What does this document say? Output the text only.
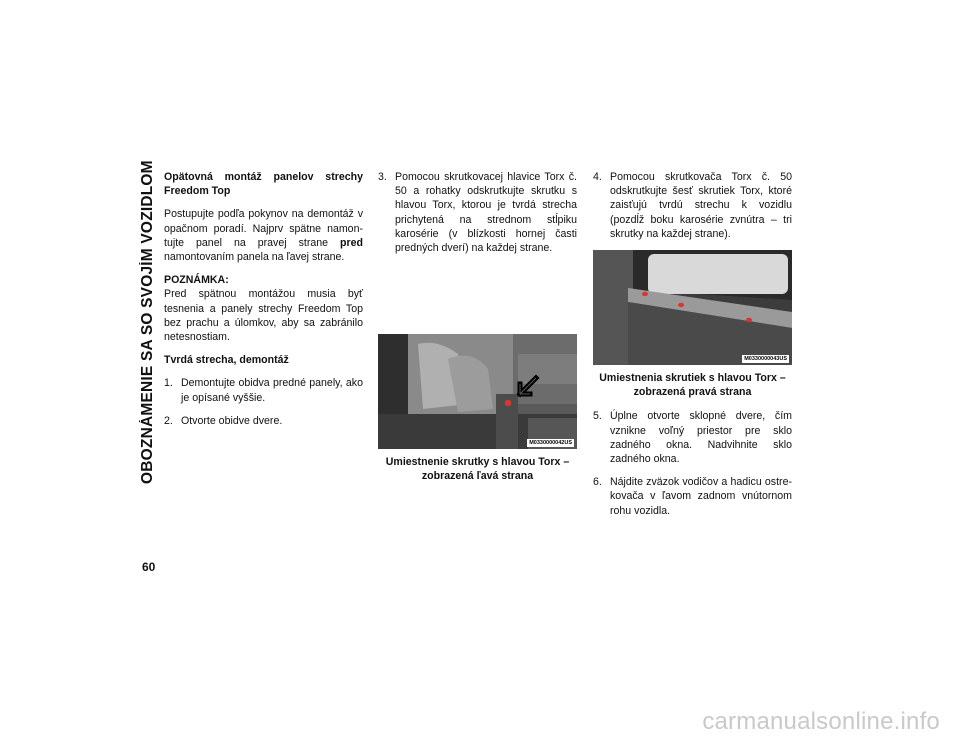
OBOZNÁMENIE SA SO SVOJÍM VOZIDLOM
60
Opätovná montáž panelov strechy Freedom Top

Postupujte podľa pokynov na demontáž v opačnom poradí. Najprv spätne namontujte panel na pravej strane pred namontovaním panela na ľavej strane.

POZNÁMKA:
Pred spätnou montážou musia byť tesnenia a panely strechy Freedom Top bez prachu a úlomkov, aby sa zabránilo netesnostiam.

Tvrdá strecha, demontáž
1. Demontujte obidva predné panely, ako je opísané vyššie.
2. Otvorte obidve dvere.
3. Pomocou skrutkovacej hlavice Torx č. 50 a rohatky odskrutkujte skrutku s hlavou Torx, ktorou je tvrdá strecha prichytená na strednom stĺpiku karosérie (v blízkosti hornej časti predných dverí) na každej strane.
M0330000042US
Umiestnenie skrutky s hlavou Torx – zobrazená ľavá strana
4. Pomocou skrutkovača Torx č. 50 odskrutkujte šesť skrutiek Torx, ktoré zaisťujú tvrdú strechu k vozidlu (pozdĺž boku karosérie zvnútra – tri skrutky na každej strane).
M0330000043US
Umiestnenia skrutiek s hlavou Torx – zobrazená pravá strana
5. Úplne otvorte sklopné dvere, čím vznikne voľný priestor pre sklo zadného okna. Nadvihnite sklo zadného okna.
6. Nájdite zväzok vodičov a hadicu ostrekovača v ľavom zadnom vnútornom rohu vozidla.
carmanualsonline.info
